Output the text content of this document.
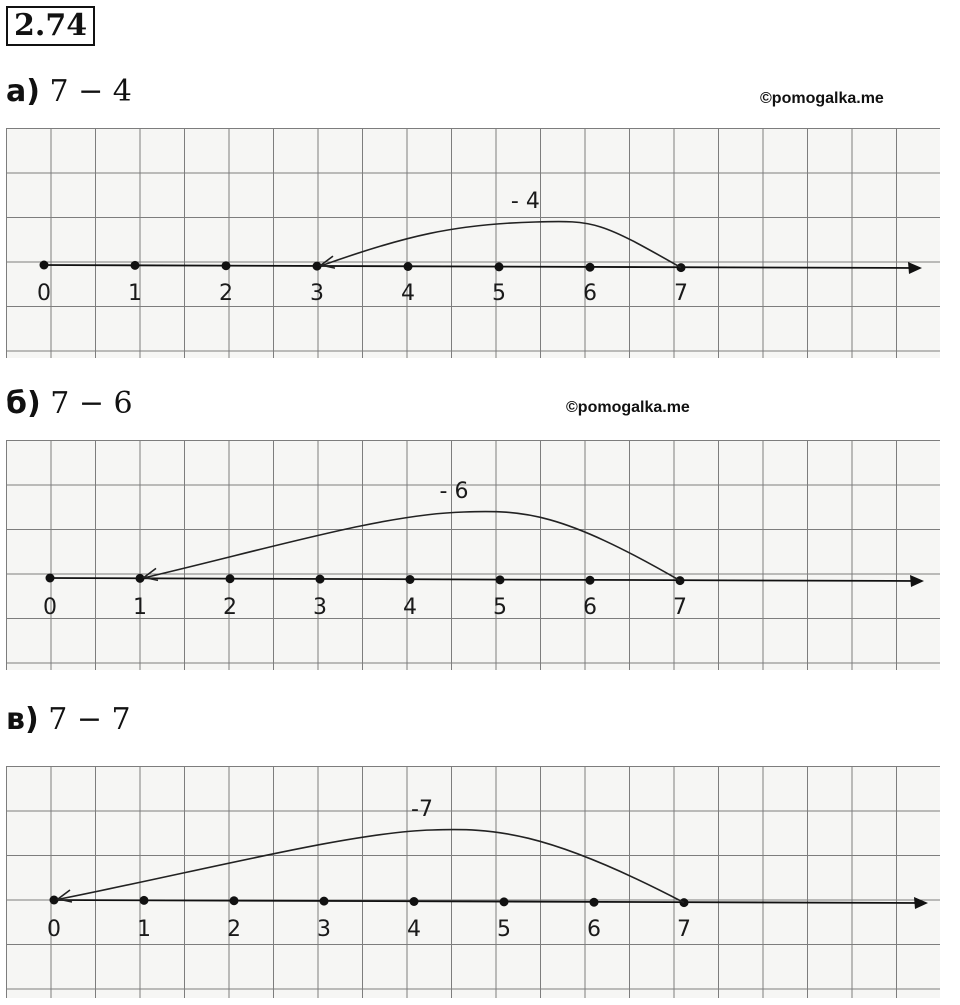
2.74
а) 7 − 4	©pomogalka.me
0	1	2	3	4	5	6	7
- 4
б) 7 − 6	©pomogalka.me
0	1	2	3	4	5	6	7
- 6
в) 7 − 7
0	1	2	3	4	5	6	7
-7
